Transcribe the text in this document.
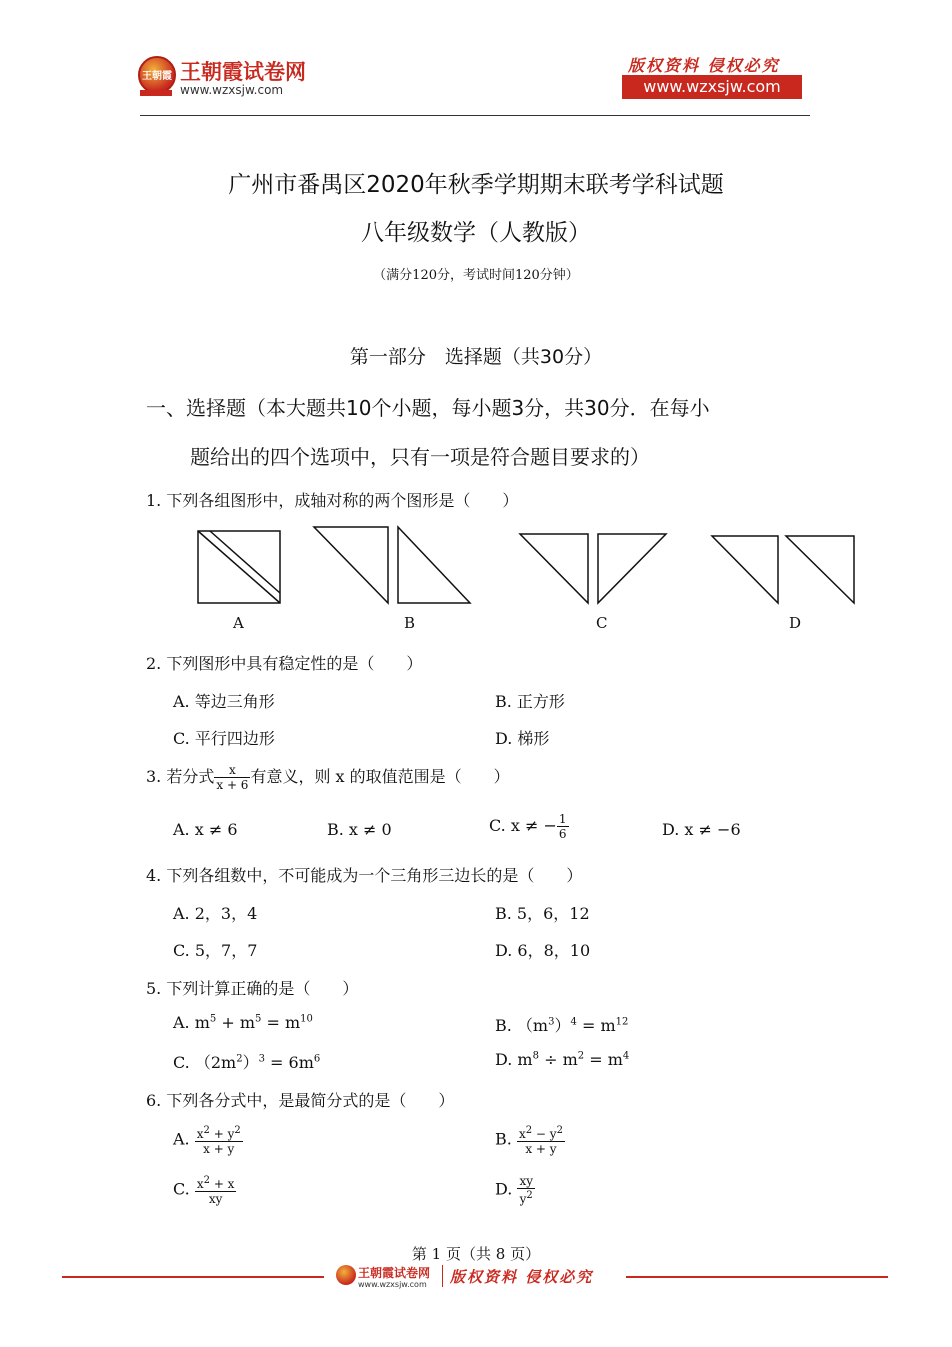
王朝霞 王朝霞试卷网
www.wzxsjw.com
版权资料 侵权必究
www.wzxsjw.com
广州市番禺区2020年秋季学期期末联考学科试题
八年级数学（人教版）
（满分120分，考试时间120分钟）
第一部分　选择题（共30分）
一、选择题（本大题共10个小题，每小题3分，共30分．在每小
题给出的四个选项中，只有一项是符合题目要求的）
1. 下列各组图形中，成轴对称的两个图形是（　　）
A	B	C	D
2. 下列图形中具有稳定性的是（　　）
A. 等边三角形	B. 正方形
C. 平行四边形	D. 梯形
3. 若分式 $\frac{x}{x + 6}$ 有意义，则 x 的取值范围是（　　）
A. x ≠ 6	B. x ≠ 0	C. x ≠ − $\frac{1}{6}$	D. x ≠ −6
4. 下列各组数中，不可能成为一个三角形三边长的是（　　）
A. 2，3，4	B. 5，6，12
C. 5，7，7	D. 6，8，10
5. 下列计算正确的是（　　）
A. $m^5 + m^5 = m^{10}$	B. $(m^3)^4 = m^{12}$
C. $(2m^2)^3 = 6m^6$	D. $m^8 \div m^2 = m^4$
6. 下列各分式中，是最简分式的是（　　）
A. $\frac{x^2 + y^2}{x + y}$	B. $\frac{x^2 - y^2}{x + y}$
C. $\frac{x^2 + x}{xy}$	D. $\frac{xy}{y^2}$
第 1 页（共 8 页）
王朝霞试卷网
www.wzxsjw.com 版权资料 侵权必究
